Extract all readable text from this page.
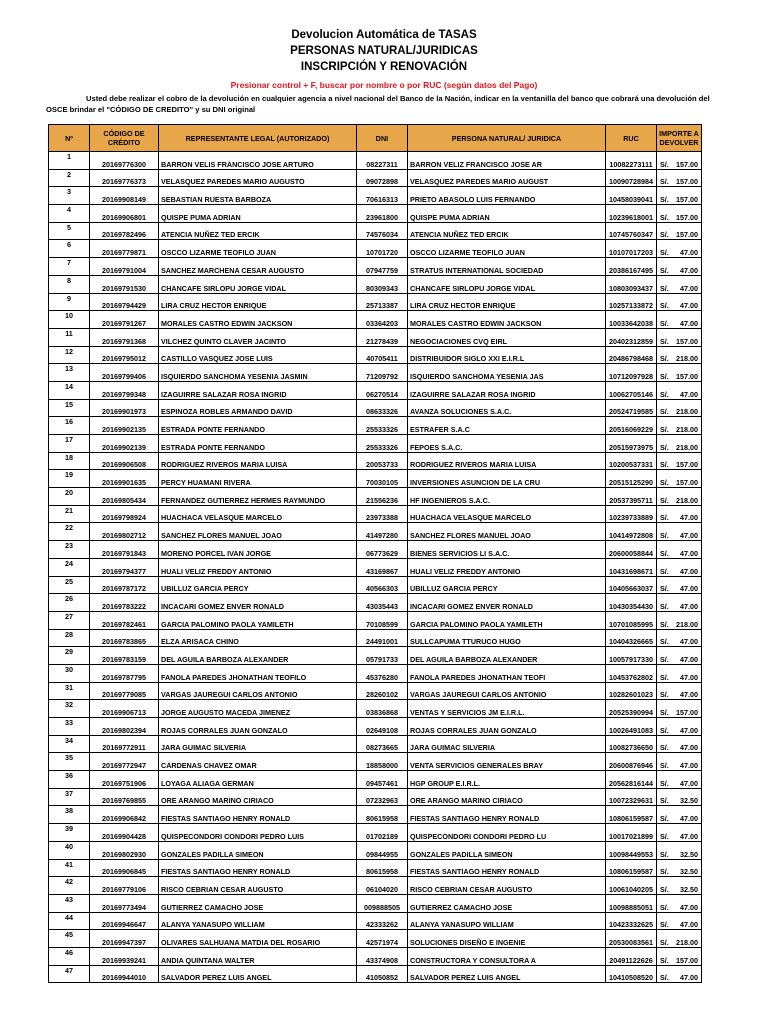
Devolucion Automática de TASAS
PERSONAS NATURAL/JURIDICAS
INSCRIPCIÓN Y RENOVACIÓN
Presionar control + F, buscar por nombre o por RUC (según datos del Pago)
Usted debe realizar el cobro de la devolución en cualquier agencia a nivel nacional del Banco de la Nación, indicar en la ventanilla del banco que cobrará una devolución del OSCE brindar el "CÓDIGO DE CREDITO" y su DNI original
Nº	CÓDIGO DE CRÉDITO	REPRESENTANTE LEGAL (AUTORIZADO)	DNI	PERSONA NATURAL/ JURIDICA	RUC	IMPORTE A DEVOLVER
1	20169776300	BARRON VELIS FRANCISCO JOSE ARTURO	08227311	BARRON VELIZ FRANCISCO JOSE AR	10082273111	S/. 157.00

2	20169776373	VELASQUEZ PAREDES MARIO AUGUSTO	09072898	VELASQUEZ PAREDES MARIO AUGUST	10090728984	S/. 157.00

3	20169908149	SEBASTIAN RUESTA BARBOZA	70616313	PRIETO ABASOLO LUIS FERNANDO	10458039041	S/. 157.00

4	20169906801	QUISPE PUMA ADRIAN	23961800	QUISPE PUMA ADRIAN	10239618001	S/. 157.00

5	20169782496	ATENCIA NUÑEZ TED ERCIK	74576034	ATENCIA NUÑEZ TED ERCIK	10745760347	S/. 157.00

6	20169779871	OSCCO LIZARME TEOFILO JUAN	10701720	OSCCO LIZARME TEOFILO JUAN	10107017203	S/. 47.00

7	20169791004	SANCHEZ MARCHENA CESAR AUGUSTO	07947759	STRATUS INTERNATIONAL SOCIEDAD	20386167495	S/. 47.00

8	20169791530	CHANCAFE SIRLOPU JORGE VIDAL	80309343	CHANCAFE SIRLOPU JORGE VIDAL	10803093437	S/. 47.00

9	20169794429	LIRA CRUZ HECTOR ENRIQUE	25713387	LIRA CRUZ HECTOR ENRIQUE	10257133872	S/. 47.00

10	20169791267	MORALES CASTRO EDWIN JACKSON	03364203	MORALES CASTRO EDWIN JACKSON	10033642038	S/. 47.00

11	20169791368	VILCHEZ QUINTO CLAVER JACINTO	21278439	NEGOCIACIONES CVQ EIRL	20402312859	S/. 157.00

12	20169795012	CASTILLO VASQUEZ JOSE LUIS	40705411	DISTRIBUIDOR SIGLO XXI E.I.R.L	20486798468	S/. 218.00

13	20169799406	ISQUIERDO SANCHOMA YESENIA JASMIN	71209792	ISQUIERDO SANCHOMA YESENIA JAS	10712097928	S/. 157.00

14	20169799348	IZAGUIRRE SALAZAR ROSA INGRID	06270514	IZAGUIRRE SALAZAR ROSA INGRID	10062705146	S/. 47.00

15	20169901973	ESPINOZA ROBLES ARMANDO DAVID	08633326	AVANZA SOLUCIONES S.A.C.	20524719585	S/. 218.00

16	20169902135	ESTRADA PONTE FERNANDO	25533326	ESTRAFER S.A.C	20516069229	S/. 218.00

17	20169902139	ESTRADA PONTE FERNANDO	25533326	FEPOES S.A.C.	20515973975	S/. 218.00

18	20169906508	RODRIGUEZ RIVEROS MARIA LUISA	20053733	RODRIGUEZ RIVEROS MARIA LUISA	10200537331	S/. 157.00

19	20169901635	PERCY HUAMANI RIVERA	70030105	INVERSIONES ASUNCION DE LA CRU	20515125290	S/. 157.00

20	20169805434	FERNANDEZ GUTIERREZ HERMES RAYMUNDO	21556236	HF INGENIEROS S.A.C.	20537395711	S/. 218.00

21	20169798924	HUACHACA VELASQUE MARCELO	23973388	HUACHACA VELASQUE MARCELO	10239733889	S/. 47.00

22	20169802712	SANCHEZ FLORES MANUEL JOAO	41497280	SANCHEZ FLORES MANUEL JOAO	10414972808	S/. 47.00

23	20169791843	MORENO PORCEL IVAN JORGE	06773629	BIENES SERVICIOS LI S.A.C.	20600058844	S/. 47.00

24	20169794377	HUALI VELIZ FREDDY ANTONIO	43169867	HUALI VELIZ FREDDY ANTONIO	10431698671	S/. 47.00

25	20169787172	UBILLUZ GARCIA PERCY	40566303	UBILLUZ GARCIA PERCY	10405663037	S/. 47.00

26	20169783222	INCACARI GOMEZ ENVER RONALD	43035443	INCACARI GOMEZ ENVER RONALD	10430354430	S/. 47.00

27	20169782461	GARCIA PALOMINO PAOLA YAMILETH	70108599	GARCIA PALOMINO PAOLA YAMILETH	10701085995	S/. 218.00

28	20169783865	ELZA ARISACA CHINO	24491001	SULLCAPUMA TTURUCO HUGO	10404326665	S/. 47.00

29	20169783159	DEL AGUILA BARBOZA ALEXANDER	05791733	DEL AGUILA BARBOZA ALEXANDER	10057917330	S/. 47.00

30	20169787795	FANOLA PAREDES JHONATHAN TEOFILO	45376280	FANOLA PAREDES JHONATHAN TEOFI	10453762802	S/. 47.00

31	20169779085	VARGAS JAUREGUI CARLOS ANTONIO	28260102	VARGAS JAUREGUI CARLOS ANTONIO	10282601023	S/. 47.00

32	20169906713	JORGE AUGUSTO MACEDA JIMENEZ	03836868	VENTAS Y SERVICIOS JM E.I.R.L.	20525390994	S/. 157.00

33	20169802394	ROJAS CORRALES JUAN GONZALO	02649108	ROJAS CORRALES JUAN GONZALO	10026491083	S/. 47.00

34	20169772911	JARA GUIMAC SILVERIA	08273665	JARA GUIMAC SILVERIA	10082736650	S/. 47.00

35	20169772947	CARDENAS CHAVEZ OMAR	18858000	VENTA SERVICIOS GENERALES BRAY	20600876946	S/. 47.00

36	20169751906	LOYAGA ALIAGA GERMAN	09457461	HGP GROUP E.I.R.L.	20562816144	S/. 47.00

37	20169769855	ORE ARANGO MARINO CIRIACO	07232963	ORE ARANGO MARINO CIRIACO	10072329631	S/. 32.50

38	20169906842	FIESTAS SANTIAGO HENRY RONALD	80615958	FIESTAS SANTIAGO HENRY RONALD	10806159587	S/. 47.00

39	20169904428	QUISPECONDORI CONDORI PEDRO LUIS	01702189	QUISPECONDORI CONDORI PEDRO LU	10017021899	S/. 47.00

40	20169802930	GONZALES PADILLA SIMEON	09844955	GONZALES PADILLA SIMEON	10098449553	S/. 32.50

41	20169906845	FIESTAS SANTIAGO HENRY RONALD	80615958	FIESTAS SANTIAGO HENRY RONALD	10806159587	S/. 32.50

42	20169779106	RISCO CEBRIAN CESAR AUGUSTO	06104020	RISCO CEBRIAN CESAR AUGUSTO	10061040205	S/. 32.50

43	20169773494	GUTIERREZ CAMACHO JOSE	009888505	GUTIERREZ CAMACHO JOSE	10098885051	S/. 47.00

44	20169946647	ALANYA YANASUPO WILLIAM	42333262	ALANYA YANASUPO WILLIAM	10423332625	S/. 47.00

45	20169947397	OLIVARES SALHUANA MATDIA DEL ROSARIO	42571974	SOLUCIONES DISEÑO E INGENIE	20530083561	S/. 218.00

46	20169939241	ANDIA QUINTANA WALTER	43374908	CONSTRUCTORA Y CONSULTORA A	20491122626	S/. 157.00

47	20169944010	SALVADOR PEREZ LUIS ANGEL	41050852	SALVADOR PEREZ LUIS ANGEL	10410508520	S/. 47.00
